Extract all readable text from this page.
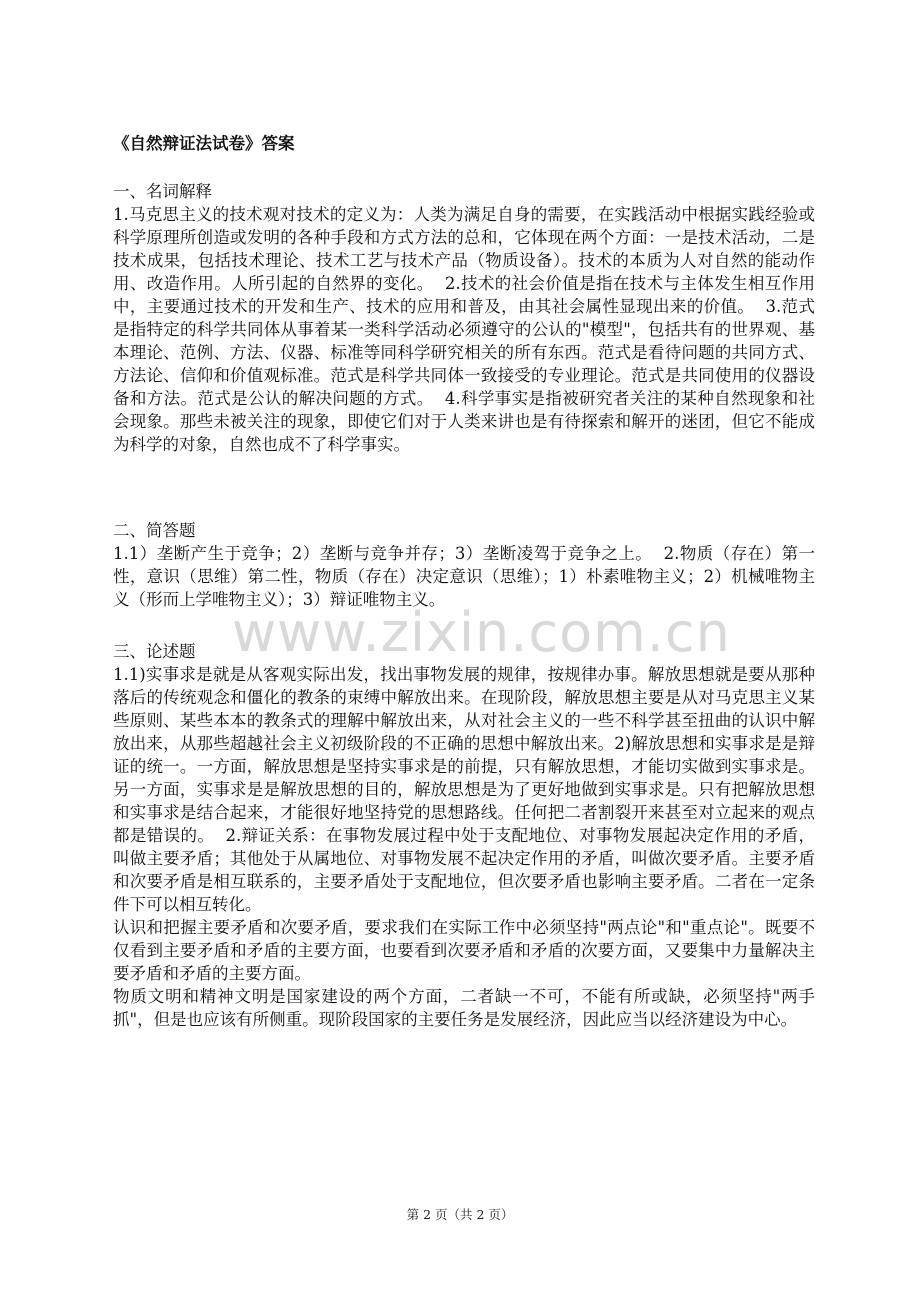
www.zixin.com.cn
《自然辩证法试卷》答案
一、名词解释
1.马克思主义的技术观对技术的定义为：人类为满足自身的需要，在实践活动中根据实践经验或科学原理所创造或发明的各种手段和方式方法的总和，它体现在两个方面：一是技术活动，二是技术成果，包括技术理论、技术工艺与技术产品（物质设备）。技术的本质为人对自然的能动作用、改造作用。人所引起的自然界的变化。  2.技术的社会价值是指在技术与主体发生相互作用中，主要通过技术的开发和生产、技术的应用和普及，由其社会属性显现出来的价值。  3.范式是指特定的科学共同体从事着某一类科学活动必须遵守的公认的"模型"，包括共有的世界观、基本理论、范例、方法、仪器、标准等同科学研究相关的所有东西。范式是看待问题的共同方式、方法论、信仰和价值观标准。范式是科学共同体一致接受的专业理论。范式是共同使用的仪器设备和方法。范式是公认的解决问题的方式。  4.科学事实是指被研究者关注的某种自然现象和社会现象。那些未被关注的现象，即使它们对于人类来讲也是有待探索和解开的迷团，但它不能成为科学的对象，自然也成不了科学事实。
二、简答题
1.1）垄断产生于竞争；2）垄断与竞争并存；3）垄断凌驾于竞争之上。  2.物质（存在）第一性，意识（思维）第二性，物质（存在）决定意识（思维）；1）朴素唯物主义；2）机械唯物主义（形而上学唯物主义）；3）辩证唯物主义。
三、论述题
1.1)实事求是就是从客观实际出发，找出事物发展的规律，按规律办事。解放思想就是要从那种落后的传统观念和僵化的教条的束缚中解放出来。在现阶段，解放思想主要是从对马克思主义某些原则、某些本本的教条式的理解中解放出来，从对社会主义的一些不科学甚至扭曲的认识中解放出来，从那些超越社会主义初级阶段的不正确的思想中解放出来。2)解放思想和实事求是是辩证的统一。一方面，解放思想是坚持实事求是的前提，只有解放思想，才能切实做到实事求是。另一方面，实事求是是解放思想的目的，解放思想是为了更好地做到实事求是。只有把解放思想和实事求是结合起来，才能很好地坚持党的思想路线。任何把二者割裂开来甚至对立起来的观点都是错误的。  2.辩证关系：在事物发展过程中处于支配地位、对事物发展起决定作用的矛盾，叫做主要矛盾；其他处于从属地位、对事物发展不起决定作用的矛盾，叫做次要矛盾。主要矛盾和次要矛盾是相互联系的，主要矛盾处于支配地位，但次要矛盾也影响主要矛盾。二者在一定条件下可以相互转化。
认识和把握主要矛盾和次要矛盾，要求我们在实际工作中必须坚持"两点论"和"重点论"。既要不仅看到主要矛盾和矛盾的主要方面，也要看到次要矛盾和矛盾的次要方面，又要集中力量解决主要矛盾和矛盾的主要方面。
物质文明和精神文明是国家建设的两个方面，二者缺一不可，不能有所或缺，必须坚持"两手抓"，但是也应该有所侧重。现阶段国家的主要任务是发展经济，因此应当以经济建设为中心。
第 2 页（共 2 页）
